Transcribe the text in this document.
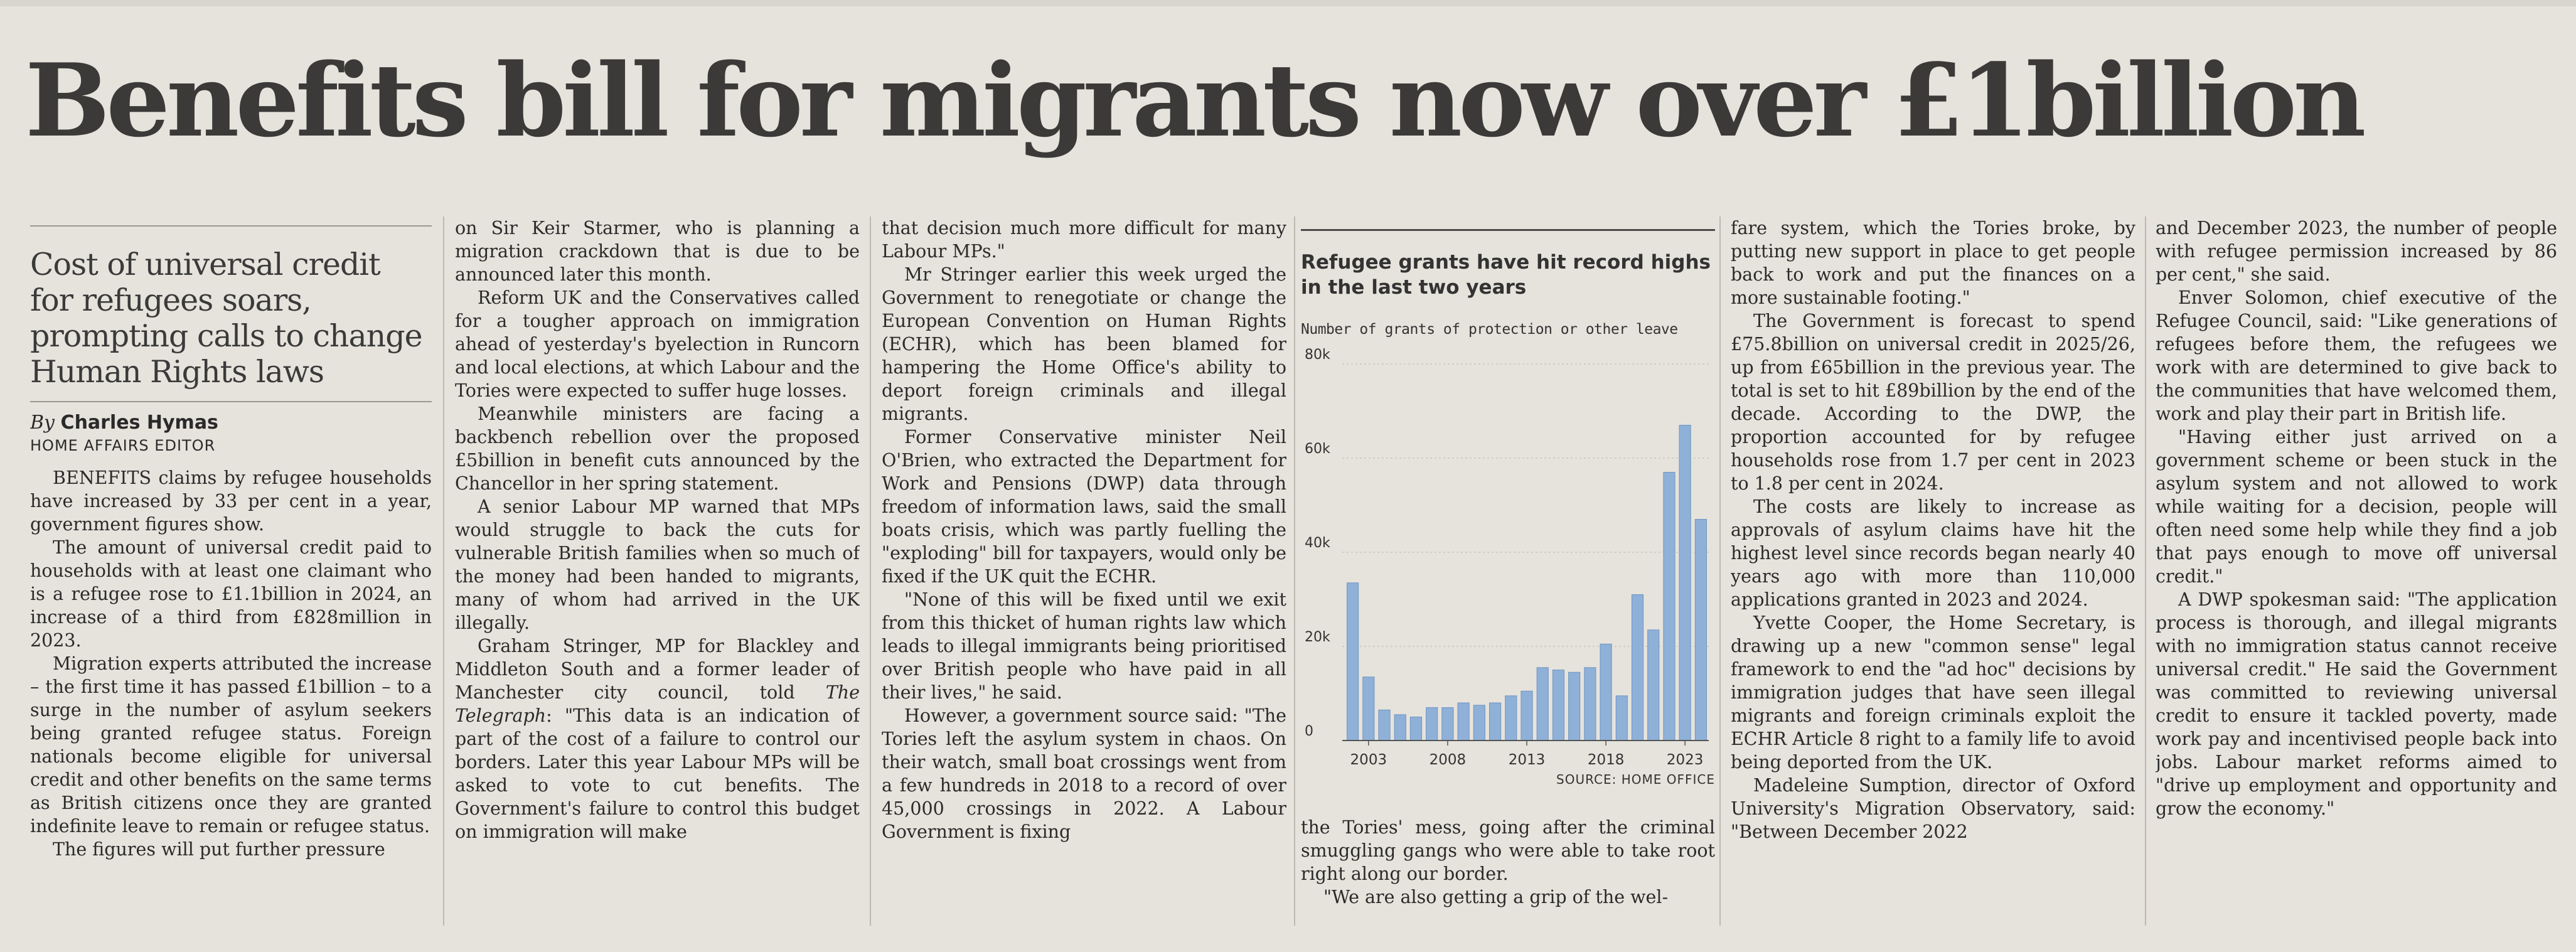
Benefits bill for migrants now over £1billion
Cost of universal credit for refugees soars, prompting calls to change Human Rights laws
By Charles Hymas
HOME AFFAIRS EDITOR

BENEFITS claims by refugee households have increased by 33 per cent in a year, government figures show.

The amount of universal credit paid to households with at least one claimant who is a refugee rose to £1.1billion in 2024, an increase of a third from £828million in 2023.

Migration experts attributed the increase – the first time it has passed £1billion – to a surge in the number of asylum seekers being granted refugee status. Foreign nationals become eligible for universal credit and other benefits on the same terms as British citizens once they are granted indefinite leave to remain or refugee status.

The figures will put further pressure

on Sir Keir Starmer, who is planning a migration crackdown that is due to be announced later this month.

Reform UK and the Conservatives called for a tougher approach on immigration ahead of yesterday's byelection in Runcorn and local elections, at which Labour and the Tories were expected to suffer huge losses.

Meanwhile ministers are facing a backbench rebellion over the proposed £5billion in benefit cuts announced by the Chancellor in her spring statement.

A senior Labour MP warned that MPs would struggle to back the cuts for vulnerable British families when so much of the money had been handed to migrants, many of whom had arrived in the UK illegally.

Graham Stringer, MP for Blackley and Middleton South and a former leader of Manchester city council, told The Telegraph: "This data is an indication of part of the cost of a failure to control our borders. Later this year Labour MPs will be asked to vote to cut benefits. The Government's failure to control this budget on immigration will make

that decision much more difficult for many Labour MPs."

Mr Stringer earlier this week urged the Government to renegotiate or change the European Convention on Human Rights (ECHR), which has been blamed for hampering the Home Office's ability to deport foreign criminals and illegal migrants.

Former Conservative minister Neil O'Brien, who extracted the Department for Work and Pensions (DWP) data through freedom of information laws, said the small boats crisis, which was partly fuelling the "exploding" bill for taxpayers, would only be fixed if the UK quit the ECHR.

"None of this will be fixed until we exit from this thicket of human rights law which leads to illegal immigrants being prioritised over British people who have paid in all their lives," he said.

However, a government source said: "The Tories left the asylum system in chaos. On their watch, small boat crossings went from a few hundreds in 2018 to a record of over 45,000 crossings in 2022. A Labour Government is fixing

Refugee grants have hit record highs in the last two years
Number of grants of protection or other leave
0
20k
40k
60k
80k
2003	2008	2013	2018	2023
SOURCE: HOME OFFICE

the Tories' mess, going after the criminal smuggling gangs who were able to take root right along our border.

"We are also getting a grip of the wel-

fare system, which the Tories broke, by putting new support in place to get people back to work and put the finances on a more sustainable footing."

The Government is forecast to spend £75.8billion on universal credit in 2025/26, up from £65billion in the previous year. The total is set to hit £89billion by the end of the decade. According to the DWP, the proportion accounted for by refugee households rose from 1.7 per cent in 2023 to 1.8 per cent in 2024.

The costs are likely to increase as approvals of asylum claims have hit the highest level since records began nearly 40 years ago with more than 110,000 applications granted in 2023 and 2024.

Yvette Cooper, the Home Secretary, is drawing up a new "common sense" legal framework to end the "ad hoc" decisions by immigration judges that have seen illegal migrants and foreign criminals exploit the ECHR Article 8 right to a family life to avoid being deported from the UK.

Madeleine Sumption, director of Oxford University's Migration Observatory, said: "Between December 2022

and December 2023, the number of people with refugee permission increased by 86 per cent," she said.

Enver Solomon, chief executive of the Refugee Council, said: "Like generations of refugees before them, the refugees we work with are determined to give back to the communities that have welcomed them, work and play their part in British life.

"Having either just arrived on a government scheme or been stuck in the asylum system and not allowed to work while waiting for a decision, people will often need some help while they find a job that pays enough to move off universal credit."

A DWP spokesman said: "The application process is thorough, and illegal migrants with no immigration status cannot receive universal credit." He said the Government was committed to reviewing universal credit to ensure it tackled poverty, made work pay and incentivised people back into jobs. Labour market reforms aimed to "drive up employment and opportunity and grow the economy."
